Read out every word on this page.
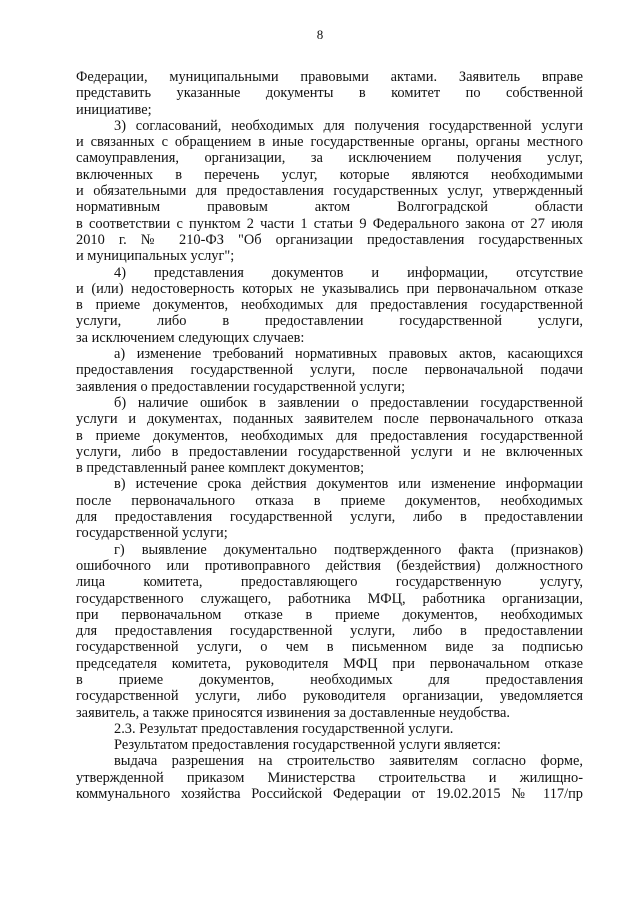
8
Федерации, муниципальными правовыми актами. Заявитель вправе
представить указанные документы в комитет по собственной
инициативе;
3) согласований, необходимых для получения государственной услуги
и связанных с обращением в иные государственные органы, органы местного
самоуправления, организации, за исключением получения услуг,
включенных в перечень услуг, которые являются необходимыми
и обязательными для предоставления государственных услуг, утвержденный
нормативным правовым актом Волгоградской области
в соответствии с пунктом 2 части 1 статьи 9 Федерального закона от 27 июля
2010 г. № 210-ФЗ "Об организации предоставления государственных
и муниципальных услуг";
4) представления документов и информации, отсутствие
и (или) недостоверность которых не указывались при первоначальном отказе
в приеме документов, необходимых для предоставления государственной
услуги, либо в предоставлении государственной услуги,
за исключением следующих случаев:
а) изменение требований нормативных правовых актов, касающихся
предоставления государственной услуги, после первоначальной подачи
заявления о предоставлении государственной услуги;
б) наличие ошибок в заявлении о предоставлении государственной
услуги и документах, поданных заявителем после первоначального отказа
в приеме документов, необходимых для предоставления государственной
услуги, либо в предоставлении государственной услуги и не включенных
в представленный ранее комплект документов;
в) истечение срока действия документов или изменение информации
после первоначального отказа в приеме документов, необходимых
для предоставления государственной услуги, либо в предоставлении
государственной услуги;
г) выявление документально подтвержденного факта (признаков)
ошибочного или противоправного действия (бездействия) должностного
лица комитета, предоставляющего государственную услугу,
государственного служащего, работника МФЦ, работника организации,
при первоначальном отказе в приеме документов, необходимых
для предоставления государственной услуги, либо в предоставлении
государственной услуги, о чем в письменном виде за подписью
председателя комитета, руководителя МФЦ при первоначальном отказе
в приеме документов, необходимых для предоставления
государственной услуги, либо руководителя организации, уведомляется
заявитель, а также приносятся извинения за доставленные неудобства.
2.3. Результат предоставления государственной услуги.
Результатом предоставления государственной услуги является:
выдача разрешения на строительство заявителям согласно форме,
утвержденной приказом Министерства строительства и жилищно-
коммунального хозяйства Российской Федерации от 19.02.2015 № 117/пр
